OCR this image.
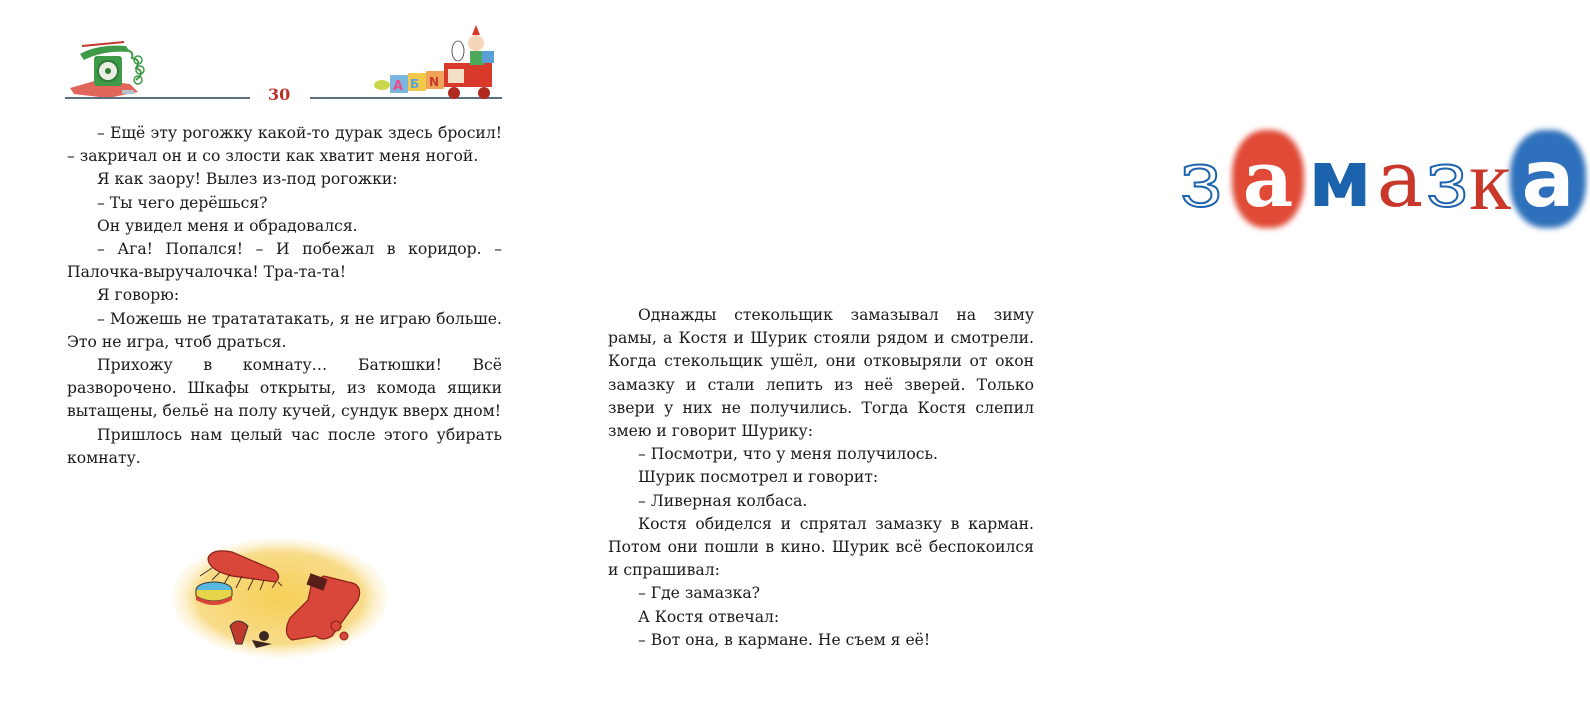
30	A Б N

– Ещё эту рогожку какой-то дурак здесь бросил! – закричал он и со злости как хватит меня ногой.

Я как заору! Вылез из-под рогожки:

– Ты чего дерёшься?

Он увидел меня и обрадовался.

– Ага! Попался! – И побежал в коридор. – Палочка-выручалочка! Тра-та-та!

Я говорю:

– Можешь не тратататакать, я не играю больше. Это не игра, чтоб драться.

Прихожу в комнату… Батюшки! Всё разворочено. Шкафы открыты, из комода ящики вытащены, бельё на полу кучей, сундук вверх дном!

Пришлось нам целый час после этого убирать комнату.

з а м а з к а

Однажды стекольщик замазывал на зиму рамы, а Костя и Шурик стояли рядом и смотрели. Когда стекольщик ушёл, они отковыряли от окон замазку и стали лепить из неё зверей. Только звери у них не получились. Тогда Костя слепил змею и говорит Шурику:

– Посмотри, что у меня получилось.

Шурик посмотрел и говорит:

– Ливерная колбаса.

Костя обиделся и спрятал замазку в карман. Потом они пошли в кино. Шурик всё беспокоился и спрашивал:

– Где замазка?

А Костя отвечал:

– Вот она, в кармане. Не съем я её!
